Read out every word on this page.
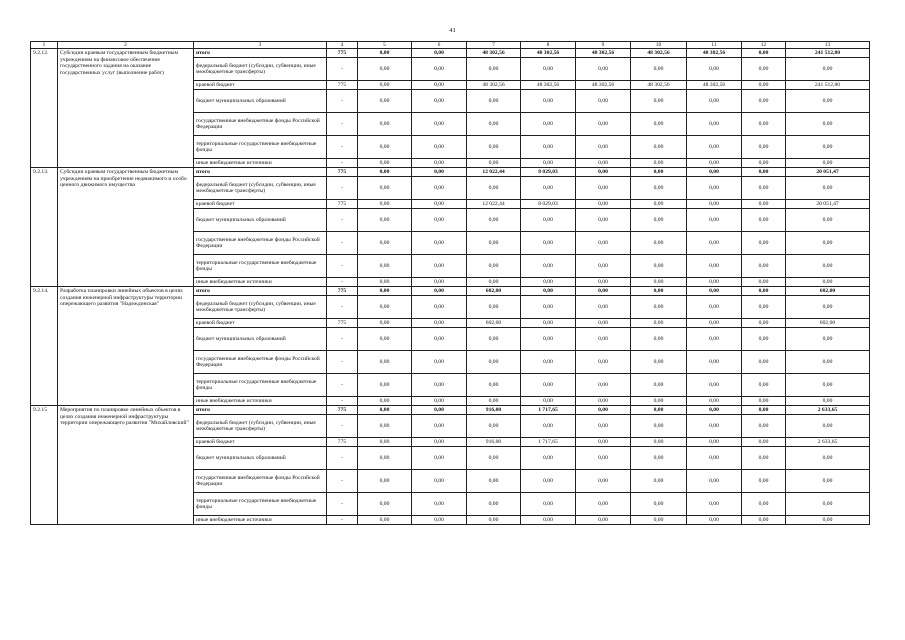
41
1	2	3	4	5	6	7	8	9	10	11	12	13
9.2.12.	Субсидии краевым государственным бюджетным учреждениям на финансовое обеспечение государственного задания на оказание государственных услуг (выполнение работ)	итого	775	0,00	0,00	48 302,56	48 302,56	48 302,56	48 302,56	48 302,56	0,00	241 512,80
		федеральный бюджет (субсидии, субвенции, иные межбюджетные трансферты)	-	0,00	0,00	0,00	0,00	0,00	0,00	0,00	0,00	0,00
		краевой бюджет	775	0,00	0,00	48 302,56	48 302,56	48 302,56	48 302,56	48 302,56	0,00	241 512,80
		бюджет муниципальных образований	-	0,00	0,00	0,00	0,00	0,00	0,00	0,00	0,00	0,00
		государственные внебюджетные фонды Российской Федерации	-	0,00	0,00	0,00	0,00	0,00	0,00	0,00	0,00	0,00
		территориальные государственные внебюджетные фонды	-	0,00	0,00	0,00	0,00	0,00	0,00	0,00	0,00	0,00
		иные внебюджетные источники	-	0,00	0,00	0,00	0,00	0,00	0,00	0,00	0,00	0,00
9.2.13.	Субсидии краевым государственным бюджетным учреждениям на приобретение недвижимого и особо ценного движимого имущества	итого	775	0,00	0,00	12 022,44	8 029,03	0,00	0,00	0,00	0,00	20 051,47
		федеральный бюджет (субсидии, субвенции, иные межбюджетные трансферты)	-	0,00	0,00	0,00	0,00	0,00	0,00	0,00	0,00	0,00
		краевой бюджет	775	0,00	0,00	12 022,44	8 029,03	0,00	0,00	0,00	0,00	20 051,47
		бюджет муниципальных образований	-	0,00	0,00	0,00	0,00	0,00	0,00	0,00	0,00	0,00
		государственные внебюджетные фонды Российской Федерации	-	0,00	0,00	0,00	0,00	0,00	0,00	0,00	0,00	0,00
		территориальные государственные внебюджетные фонды	-	0,00	0,00	0,00	0,00	0,00	0,00	0,00	0,00	0,00
		иные внебюджетные источники	-	0,00	0,00	0,00	0,00	0,00	0,00	0,00	0,00	0,00
9.2.14.	Разработка планировки линейных объектов в целях создания инженерной инфраструктуры территории опережающего развития "Надеждинская"	итого	775	0,00	0,00	602,00	0,00	0,00	0,00	0,00	0,00	602,00
		федеральный бюджет (субсидии, субвенции, иные межбюджетные трансферты)	-	0,00	0,00	0,00	0,00	0,00	0,00	0,00	0,00	0,00
		краевой бюджет	775	0,00	0,00	602,00	0,00	0,00	0,00	0,00	0,00	602,00
		бюджет муниципальных образований	-	0,00	0,00	0,00	0,00	0,00	0,00	0,00	0,00	0,00
		государственные внебюджетные фонды Российской Федерации	-	0,00	0,00	0,00	0,00	0,00	0,00	0,00	0,00	0,00
		территориальные государственные внебюджетные фонды	-	0,00	0,00	0,00	0,00	0,00	0,00	0,00	0,00	0,00
		иные внебюджетные источники	-	0,00	0,00	0,00	0,00	0,00	0,00	0,00	0,00	0,00
9.2.15	Мероприятия по планировке линейных объектов в целях создания инженерной инфраструктуры территории опережающего развития "Михайловский"	итого	775	0,00	0,00	916,00	1 717,65	0,00	0,00	0,00	0,00	2 633,65
		федеральный бюджет (субсидии, субвенции, иные межбюджетные трансферты)	-	0,00	0,00	0,00	0,00	0,00	0,00	0,00	0,00	0,00
		краевой бюджет	775	0,00	0,00	916,00	1 717,65	0,00	0,00	0,00	0,00	2 633,65
		бюджет муниципальных образований	-	0,00	0,00	0,00	0,00	0,00	0,00	0,00	0,00	0,00
		государственные внебюджетные фонды Российской Федерации	-	0,00	0,00	0,00	0,00	0,00	0,00	0,00	0,00	0,00
		территориальные государственные внебюджетные фонды	-	0,00	0,00	0,00	0,00	0,00	0,00	0,00	0,00	0,00
		иные внебюджетные источники	-	0,00	0,00	0,00	0,00	0,00	0,00	0,00	0,00	0,00
